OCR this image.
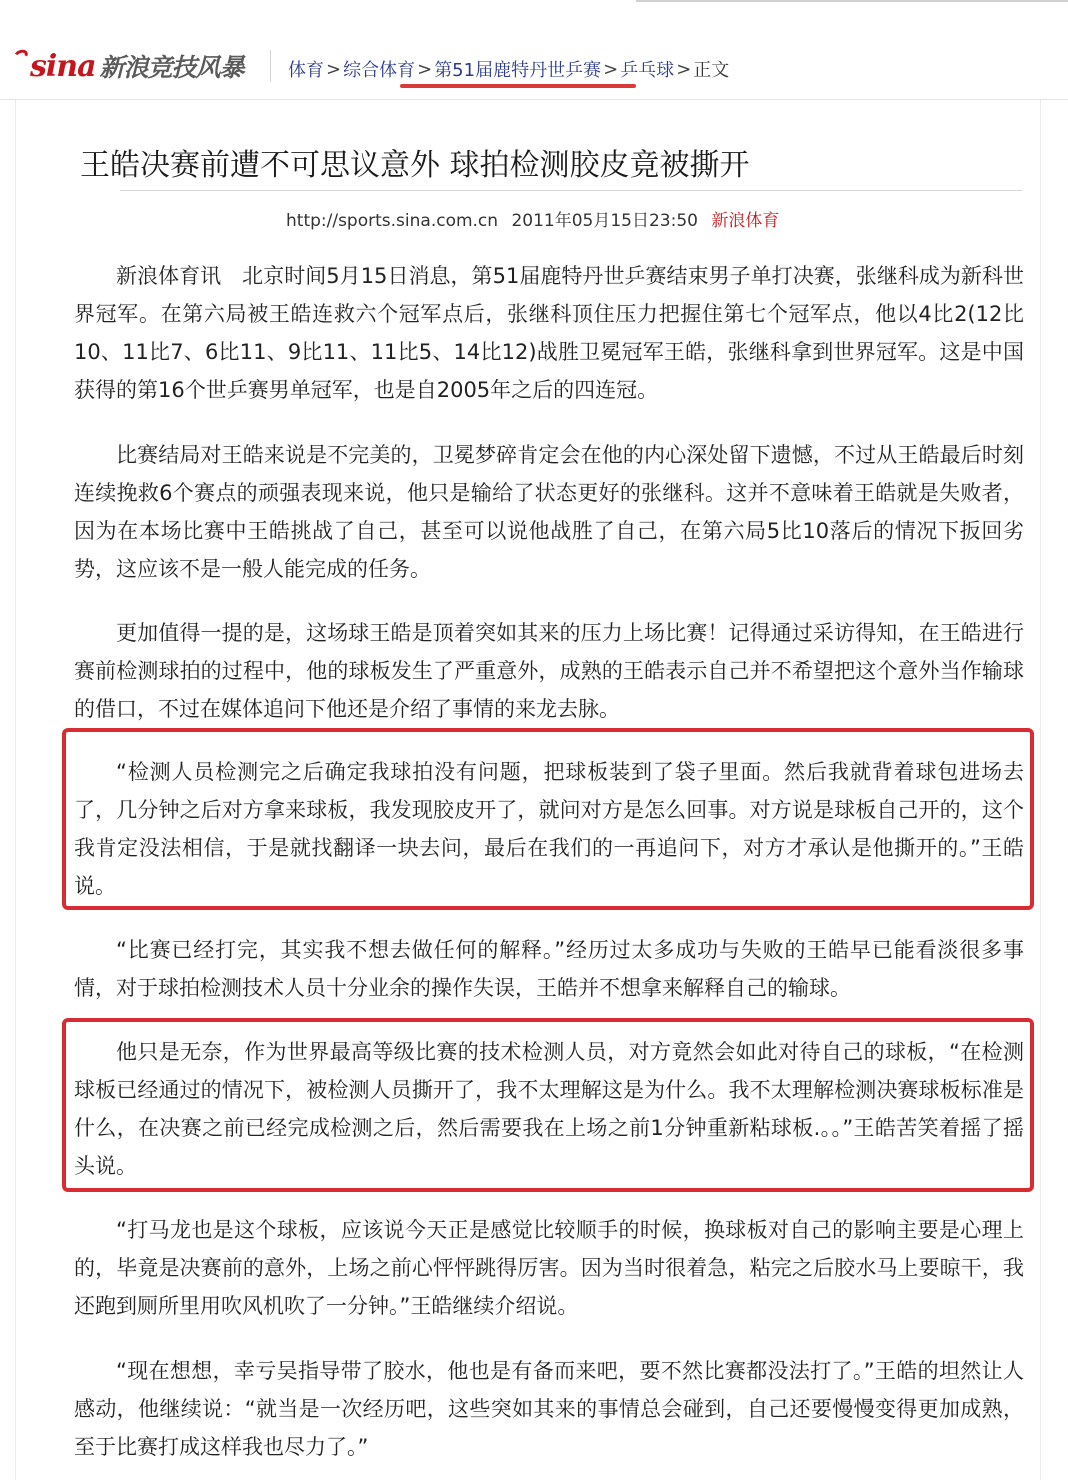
sina 新浪竞技风暴 体育 > 综合体育 > 第51届鹿特丹世乒赛 > 乒乓球 > 正文
王皓决赛前遭不可思议意外 球拍检测胶皮竟被撕开
http://sports.sina.com.cn 2011年05月15日23:50 新浪体育

新浪体育讯　北京时间5月15日消息，第51届鹿特丹世乒赛结束男子单打决赛，张继科成为新科世界冠军。在第六局被王皓连救六个冠军点后，张继科顶住压力把握住第七个冠军点，他以4比2(12比10、11比7、6比11、9比11、11比5、14比12)战胜卫冕冠军王皓，张继科拿到世界冠军。这是中国获得的第16个世乒赛男单冠军，也是自2005年之后的四连冠。

比赛结局对王皓来说是不完美的，卫冕梦碎肯定会在他的内心深处留下遗憾，不过从王皓最后时刻连续挽救6个赛点的顽强表现来说，他只是输给了状态更好的张继科。这并不意味着王皓就是失败者，因为在本场比赛中王皓挑战了自己，甚至可以说他战胜了自己，在第六局5比10落后的情况下扳回劣势，这应该不是一般人能完成的任务。

更加值得一提的是，这场球王皓是顶着突如其来的压力上场比赛！记得通过采访得知，在王皓进行赛前检测球拍的过程中，他的球板发生了严重意外，成熟的王皓表示自己并不希望把这个意外当作输球的借口，不过在媒体追问下他还是介绍了事情的来龙去脉。

“检测人员检测完之后确定我球拍没有问题，把球板装到了袋子里面。然后我就背着球包进场去了，几分钟之后对方拿来球板，我发现胶皮开了，就问对方是怎么回事。对方说是球板自己开的，这个我肯定没法相信，于是就找翻译一块去问，最后在我们的一再追问下，对方才承认是他撕开的。”王皓说。

“比赛已经打完，其实我不想去做任何的解释。”经历过太多成功与失败的王皓早已能看淡很多事情，对于球拍检测技术人员十分业余的操作失误，王皓并不想拿来解释自己的输球。

他只是无奈，作为世界最高等级比赛的技术检测人员，对方竟然会如此对待自己的球板，“在检测球板已经通过的情况下，被检测人员撕开了，我不太理解这是为什么。我不太理解检测决赛球板标准是什么，在决赛之前已经完成检测之后，然后需要我在上场之前1分钟重新粘球板.。。”王皓苦笑着摇了摇头说。

“打马龙也是这个球板，应该说今天正是感觉比较顺手的时候，换球板对自己的影响主要是心理上的，毕竟是决赛前的意外，上场之前心怦怦跳得厉害。因为当时很着急，粘完之后胶水马上要晾干，我还跑到厕所里用吹风机吹了一分钟。”王皓继续介绍说。

“现在想想，幸亏吴指导带了胶水，他也是有备而来吧，要不然比赛都没法打了。”王皓的坦然让人感动，他继续说：“就当是一次经历吧，这些突如其来的事情总会碰到，自己还要慢慢变得更加成熟，至于比赛打成这样我也尽力了。”
